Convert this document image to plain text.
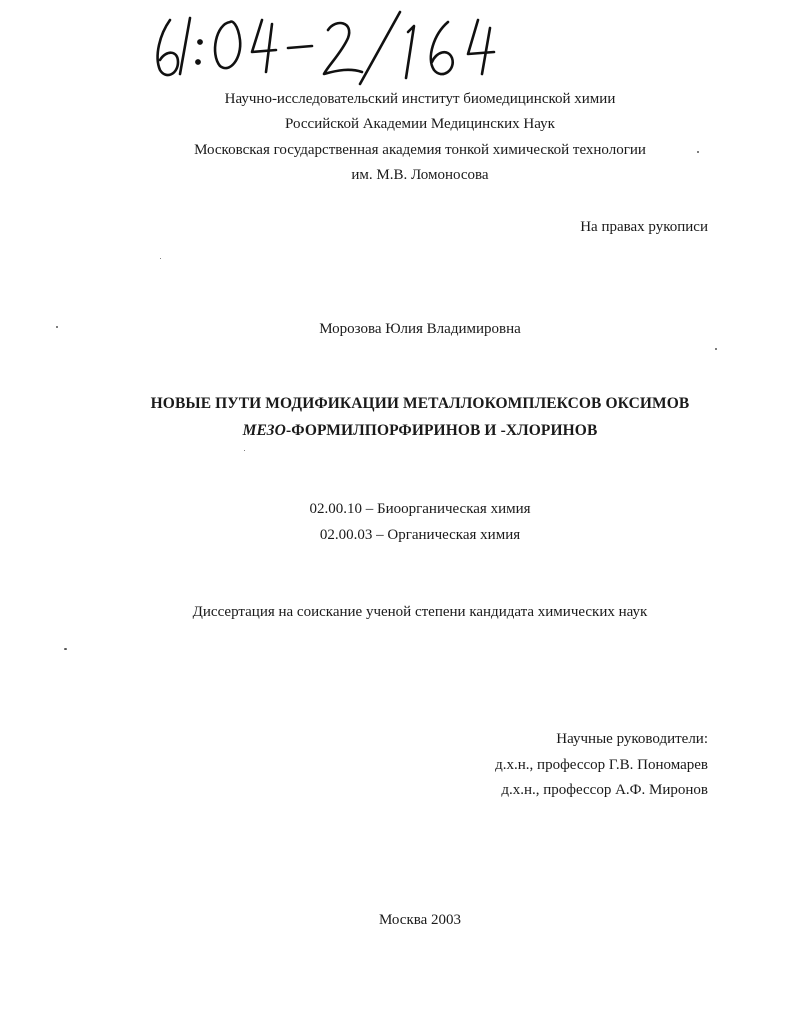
Научно-исследовательский институт биомедицинской химии
Российской Академии Медицинских Наук
Московская государственная академия тонкой химической технологии
им. М.В. Ломоносова
На правах рукописи
Морозова Юлия Владимировна
НОВЫЕ ПУТИ МОДИФИКАЦИИ МЕТАЛЛОКОМПЛЕКСОВ ОКСИМОВ
МЕЗО-ФОРМИЛПОРФИРИНОВ И -ХЛОРИНОВ
02.00.10 – Биоорганическая химия
02.00.03 – Органическая химия
Диссертация на соискание ученой степени кандидата химических наук
Научные руководители:
д.х.н., профессор Г.В. Пономарев
д.х.н., профессор А.Ф. Миронов
Москва 2003
